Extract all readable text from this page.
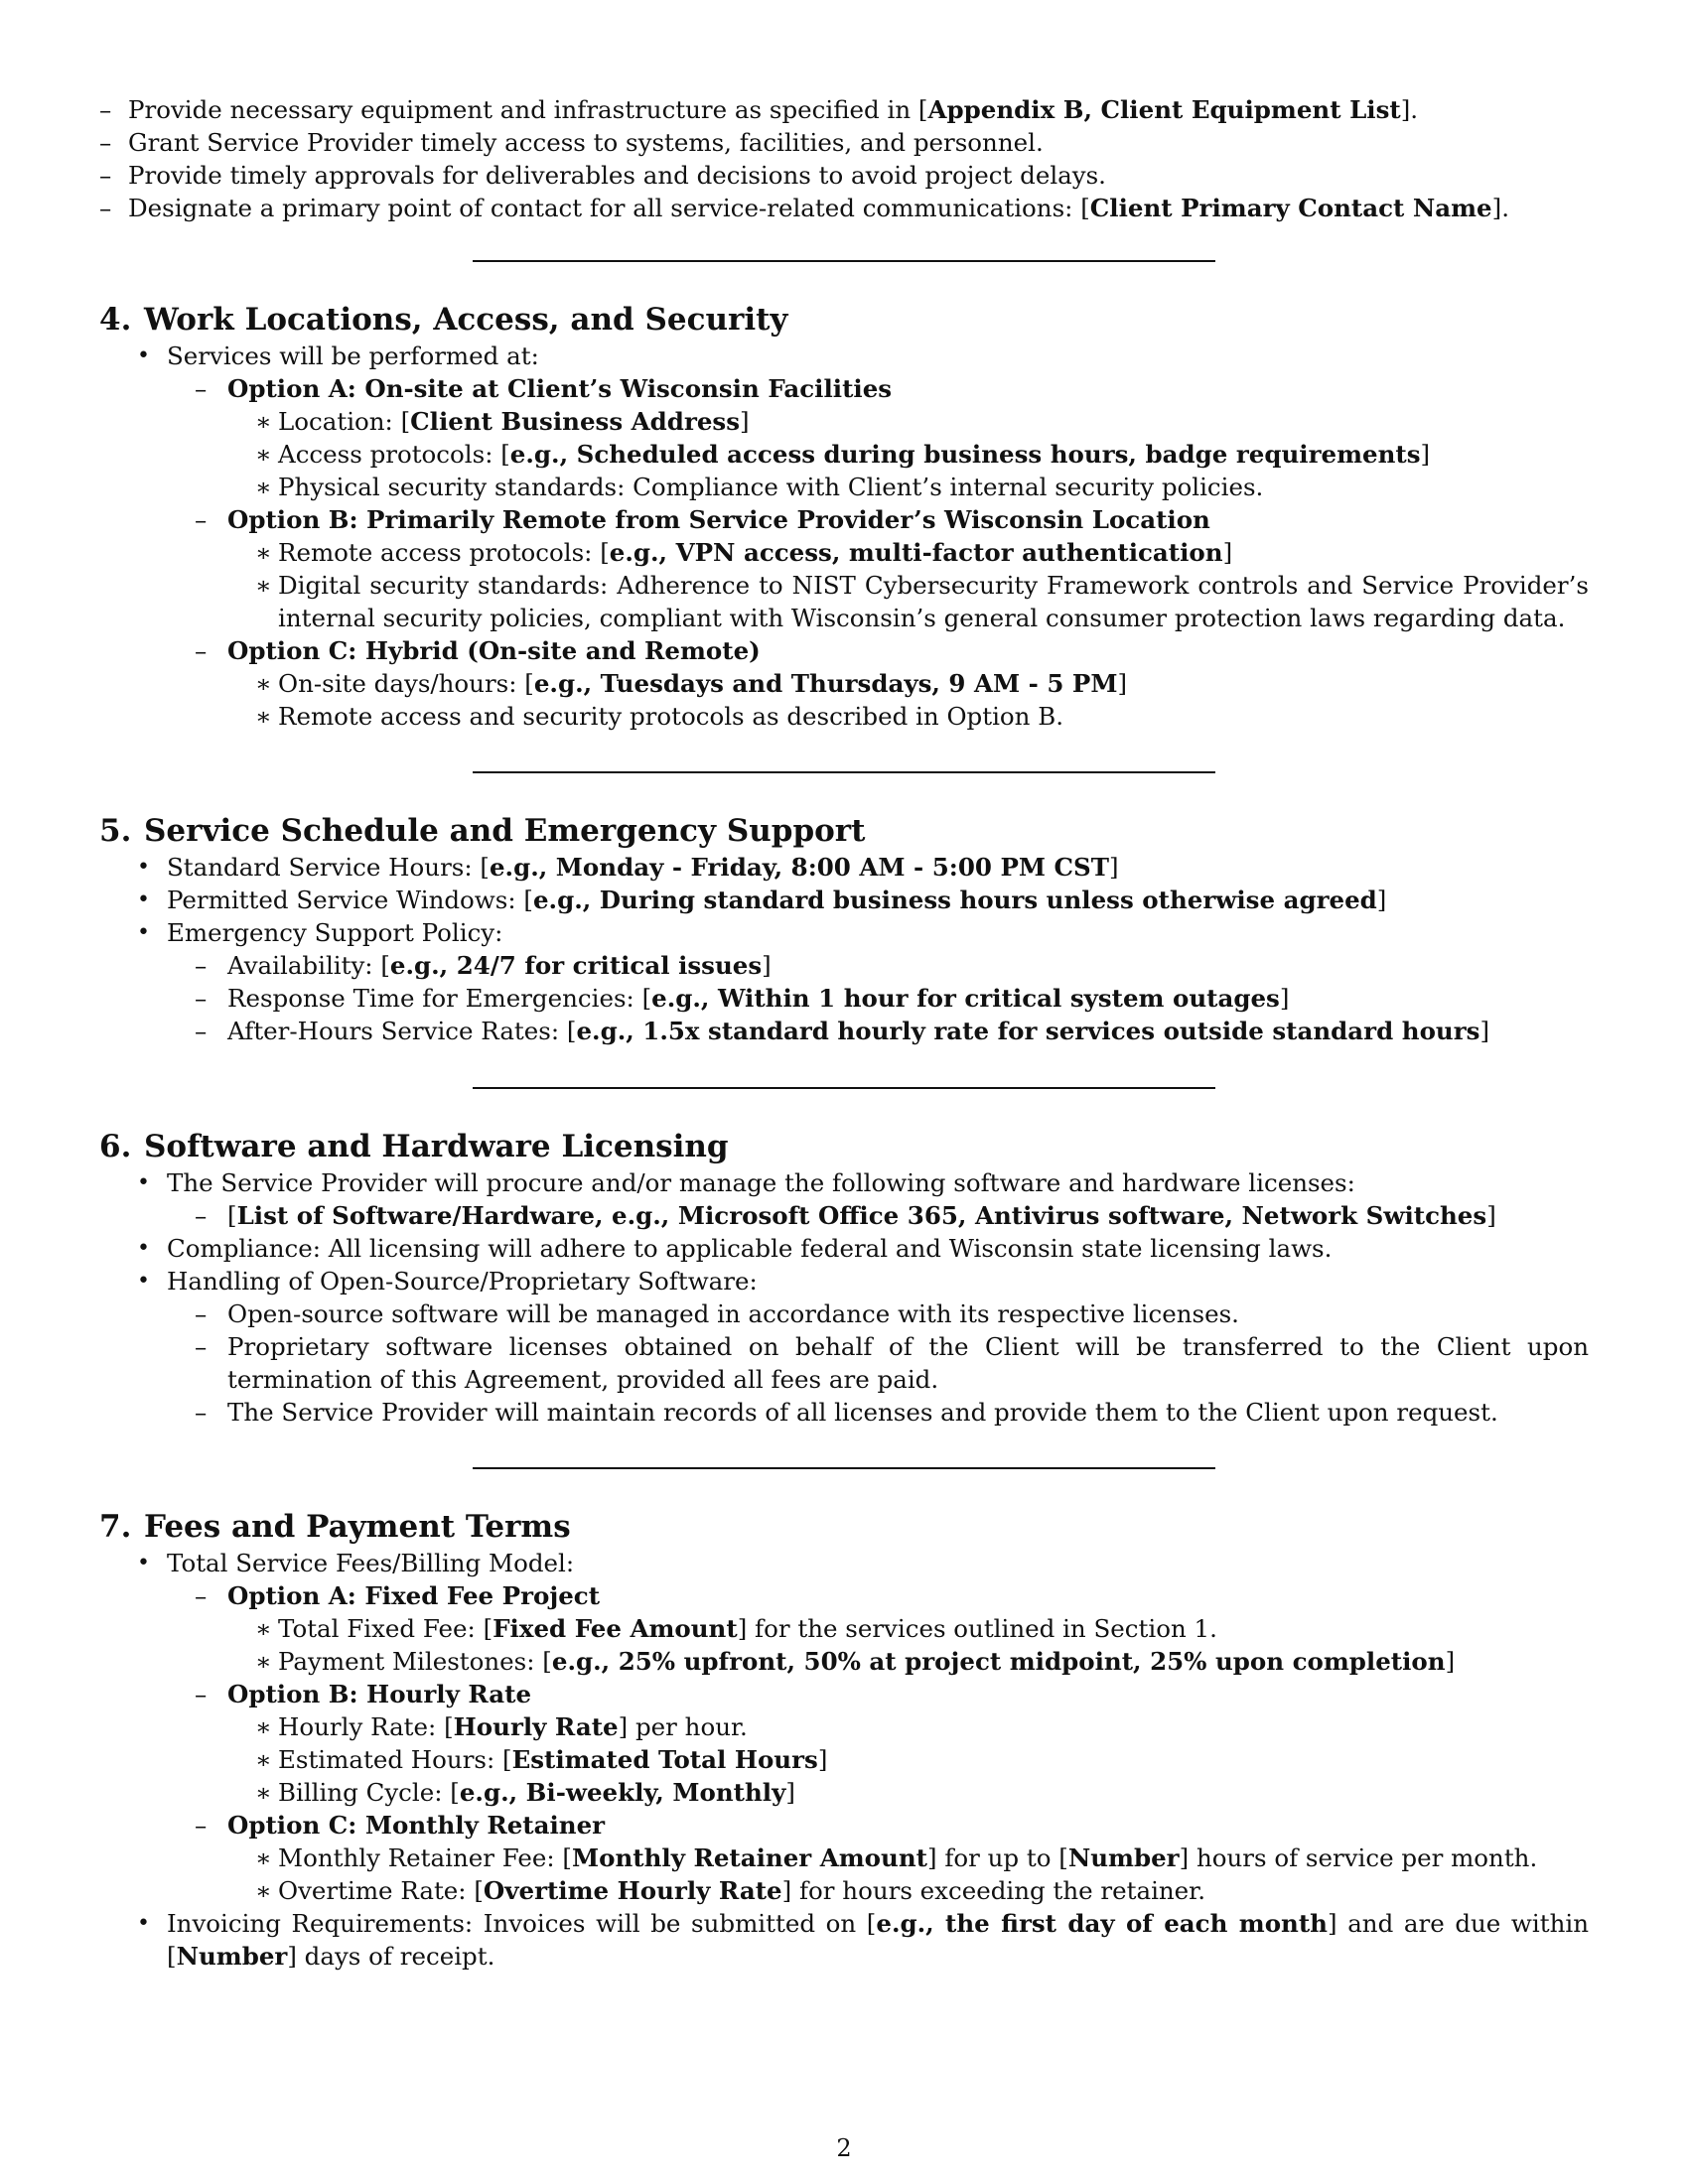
– Provide necessary equipment and infrastructure as specified in [Appendix B, Client Equipment List].
– Grant Service Provider timely access to systems, facilities, and personnel.
– Provide timely approvals for deliverables and decisions to avoid project delays.
– Designate a primary point of contact for all service-related communications: [Client Primary Contact Name].
4. Work Locations, Access, and Security
• Services will be performed at:
– Option A: On-site at Client’s Wisconsin Facilities
∗ Location: [Client Business Address]
∗ Access protocols: [e.g., Scheduled access during business hours, badge requirements]
∗ Physical security standards: Compliance with Client’s internal security policies.
– Option B: Primarily Remote from Service Provider’s Wisconsin Location
∗ Remote access protocols: [e.g., VPN access, multi-factor authentication]
∗ Digital security standards: Adherence to NIST Cybersecurity Framework controls and Service Provider’s internal security policies, compliant with Wisconsin’s general consumer protection laws regarding data.
– Option C: Hybrid (On-site and Remote)
∗ On-site days/hours: [e.g., Tuesdays and Thursdays, 9 AM - 5 PM]
∗ Remote access and security protocols as described in Option B.
5. Service Schedule and Emergency Support
• Standard Service Hours: [e.g., Monday - Friday, 8:00 AM - 5:00 PM CST]
• Permitted Service Windows: [e.g., During standard business hours unless otherwise agreed]
• Emergency Support Policy:
– Availability: [e.g., 24/7 for critical issues]
– Response Time for Emergencies: [e.g., Within 1 hour for critical system outages]
– After-Hours Service Rates: [e.g., 1.5x standard hourly rate for services outside standard hours]
6. Software and Hardware Licensing
• The Service Provider will procure and/or manage the following software and hardware licenses:
– [List of Software/Hardware, e.g., Microsoft Office 365, Antivirus software, Network Switches]
• Compliance: All licensing will adhere to applicable federal and Wisconsin state licensing laws.
• Handling of Open-Source/Proprietary Software:
– Open-source software will be managed in accordance with its respective licenses.
– Proprietary software licenses obtained on behalf of the Client will be transferred to the Client upon termination of this Agreement, provided all fees are paid.
– The Service Provider will maintain records of all licenses and provide them to the Client upon request.
7. Fees and Payment Terms
• Total Service Fees/Billing Model:
– Option A: Fixed Fee Project
∗ Total Fixed Fee: [Fixed Fee Amount] for the services outlined in Section 1.
∗ Payment Milestones: [e.g., 25% upfront, 50% at project midpoint, 25% upon completion]
– Option B: Hourly Rate
∗ Hourly Rate: [Hourly Rate] per hour.
∗ Estimated Hours: [Estimated Total Hours]
∗ Billing Cycle: [e.g., Bi-weekly, Monthly]
– Option C: Monthly Retainer
∗ Monthly Retainer Fee: [Monthly Retainer Amount] for up to [Number] hours of service per month.
∗ Overtime Rate: [Overtime Hourly Rate] for hours exceeding the retainer.
• Invoicing Requirements: Invoices will be submitted on [e.g., the first day of each month] and are due within [Number] days of receipt.
2
